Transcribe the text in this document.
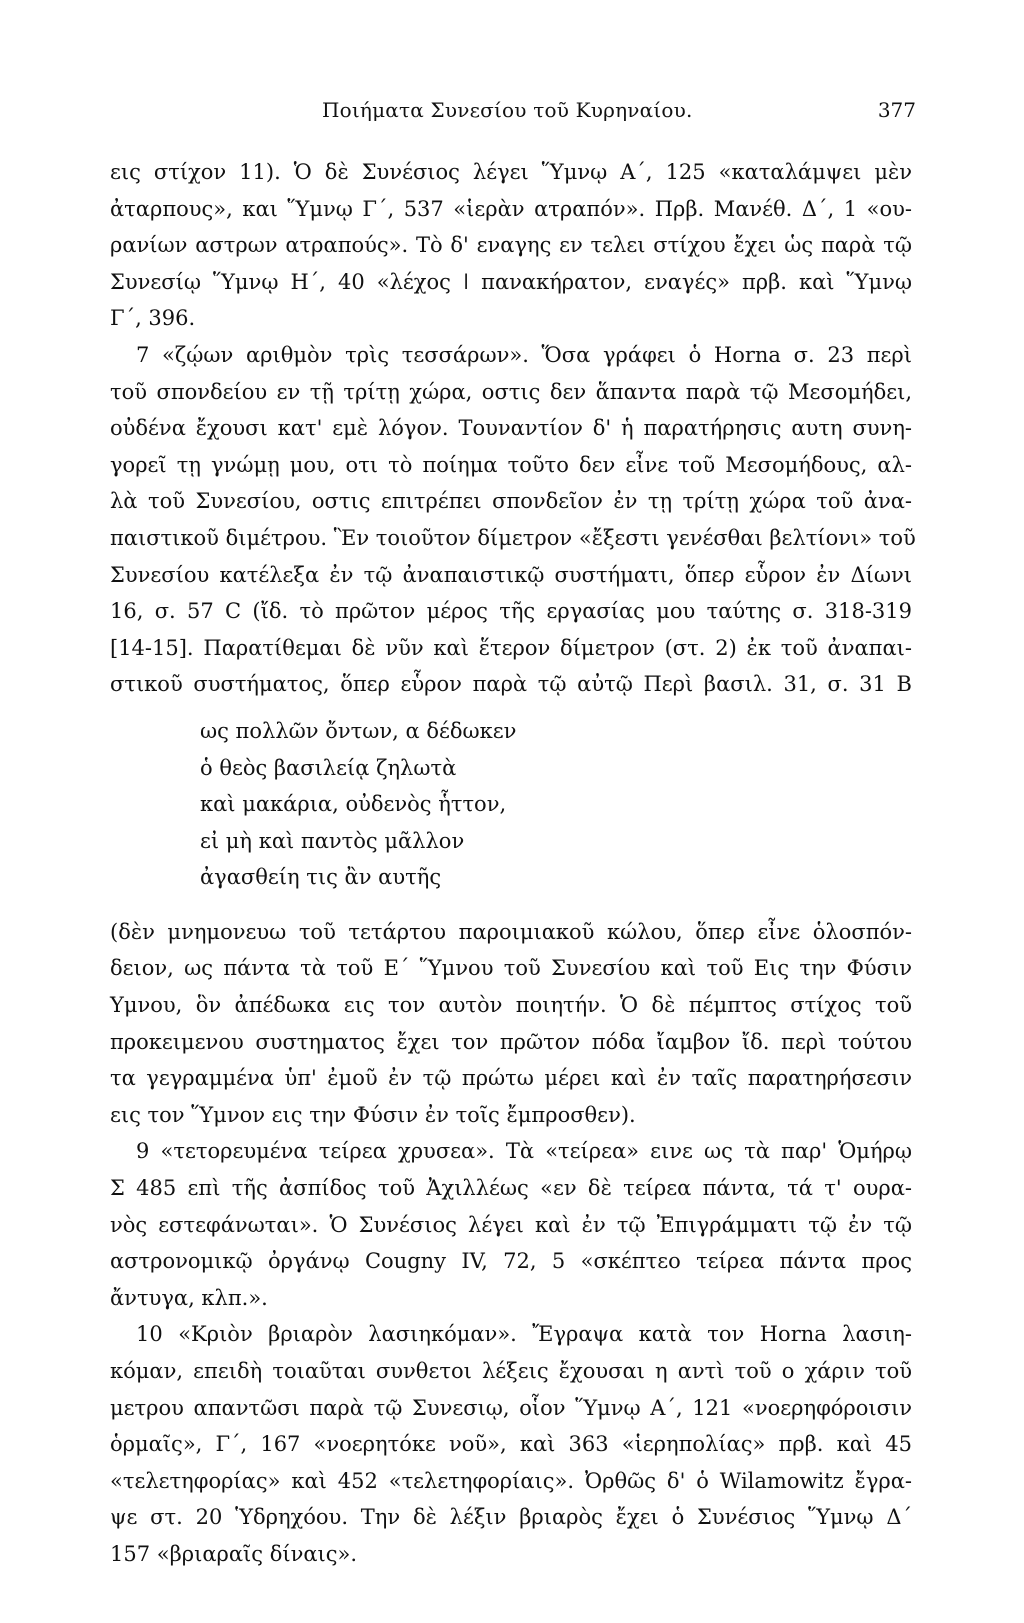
Ποιήματα Συνεσίου τοῦ Κυρηναίου.	377
εις στίχον 11). Ὁ δὲ Συνέσιος λέγει Ὕμνῳ Α΄, 125 «καταλάμψει μὲν
ἀταρπους», και Ὕμνῳ Γ΄, 537 «ἱερὰν ατραπόν». Πρβ. Μανέθ. Δ΄, 1 «ου-
ρανίων αστρων ατραπούς». Τὸ δ' εναγης εν τελει στίχου ἔχει ὡς παρὰ τῷ
Συνεσίῳ Ὕμνῳ Η΄, 40 «λέχος ǀ πανακήρατον, εναγές» πρβ. καὶ Ὕμνῳ
Γ΄, 396.
7 «ζῴων αριθμὸν τρὶς τεσσάρων». Ὅσα γράφει ὁ Horna σ. 23 περὶ
τοῦ σπονδείου εν τῇ τρίτῃ χώρα, οστις δεν ἅπαντα παρὰ τῷ Μεσομήδει,
οὐδένα ἔχουσι κατ' εμὲ λόγον. Τουναντίον δ' ἡ παρατήρησις αυτη συνη-
γορεῖ τῃ γνώμῃ μου, οτι τὸ ποίημα τοῦτο δεν εἶνε τοῦ Μεσομήδους, αλ-
λὰ τοῦ Συνεσίου, οστις επιτρέπει σπονδεῖον ἐν τῃ τρίτῃ χώρα τοῦ ἀνα-
παιστικοῦ διμέτρου. Ἓν τοιοῦτον δίμετρον «ἔξεστι γενέσθαι βελτίονι» τοῦ
Συνεσίου κατέλεξα ἐν τῷ ἀναπαιστικῷ συστήματι, ὅπερ εὗρον ἐν Δίωνι
16, σ. 57 C (ἴδ. τὸ πρῶτον μέρος τῆς εργασίας μου ταύτης σ. 318-319
[14-15]. Παρατίθεμαι δὲ νῦν καὶ ἕτερον δίμετρον (στ. 2) ἐκ τοῦ ἀναπαι-
στικοῦ συστήματος, ὅπερ εὗρον παρὰ τῷ αὐτῷ Περὶ βασιλ. 31, σ. 31 B
ως πολλῶν ὄντων, α δέδωκεν
ὁ θεὸς βασιλείᾳ ζηλωτὰ
καὶ μακάρια, οὐδενὸς ἧττον,
εἰ μὴ καὶ παντὸς μᾶλλον
ἀγασθείη τις ἂν αυτῆς
(δὲν μνημονευω τοῦ τετάρτου παροιμιακοῦ κώλου, ὅπερ εἶνε ὁλοσπόν-
δειον, ως πάντα τὰ τοῦ Ε΄ Ὕμνου τοῦ Συνεσίου καὶ τοῦ Εις την Φύσιν
Υμνου, ὃν ἀπέδωκα εις τον αυτὸν ποιητήν. Ὁ δὲ πέμπτος στίχος τοῦ
προκειμενου συστηματος ἔχει τον πρῶτον πόδα ἴαμβον ἴδ. περὶ τούτου
τα γεγραμμένα ὑπ' ἐμοῦ ἐν τῷ πρώτω μέρει καὶ ἐν ταῖς παρατηρήσεσιν
εις τον Ὕμνον εις την Φύσιν ἐν τοῖς ἔμπροσθεν).
9 «τετορευμένα τείρεα χρυσεα». Τὰ «τείρεα» εινε ως τὰ παρ' Ὁμήρῳ
Σ 485 επὶ τῆς ἀσπίδος τοῦ Ἀχιλλέως «εν δὲ τείρεα πάντα, τά τ' ουρα-
νὸς εστεφάνωται». Ὁ Συνέσιος λέγει καὶ ἐν τῷ Ἐπιγράμματι τῷ ἐν τῷ
αστρονομικῷ ὀργάνῳ Cougny IV, 72, 5 «σκέπτεο τείρεα πάντα προς
ἄντυγα, κλπ.».
10 «Κριὸν βριαρὸν λασιηκόμαν». Ἔγραψα κατὰ τον Horna λασιη-
κόμαν, επειδὴ τοιαῦται συνθετοι λέξεις ἔχουσαι η αντὶ τοῦ ο χάριν τοῦ
μετρου απαντῶσι παρὰ τῷ Συνεσιῳ, οἷον Ὕμνῳ Α΄, 121 «νοερηφόροισιν
ὁρμαῖς», Γ΄, 167 «νοερητόκε νοῦ», καὶ 363 «ἱερηπολίας» πρβ. καὶ 45
«τελετηφορίας» καὶ 452 «τελετηφορίαις». Ὀρθῶς δ' ὁ Wilamowitz ἔγρα-
ψε στ. 20 Ὑδρηχόου. Την δὲ λέξιν βριαρὸς ἔχει ὁ Συνέσιος Ὕμνῳ Δ΄
157 «βριαραῖς δίναις».
